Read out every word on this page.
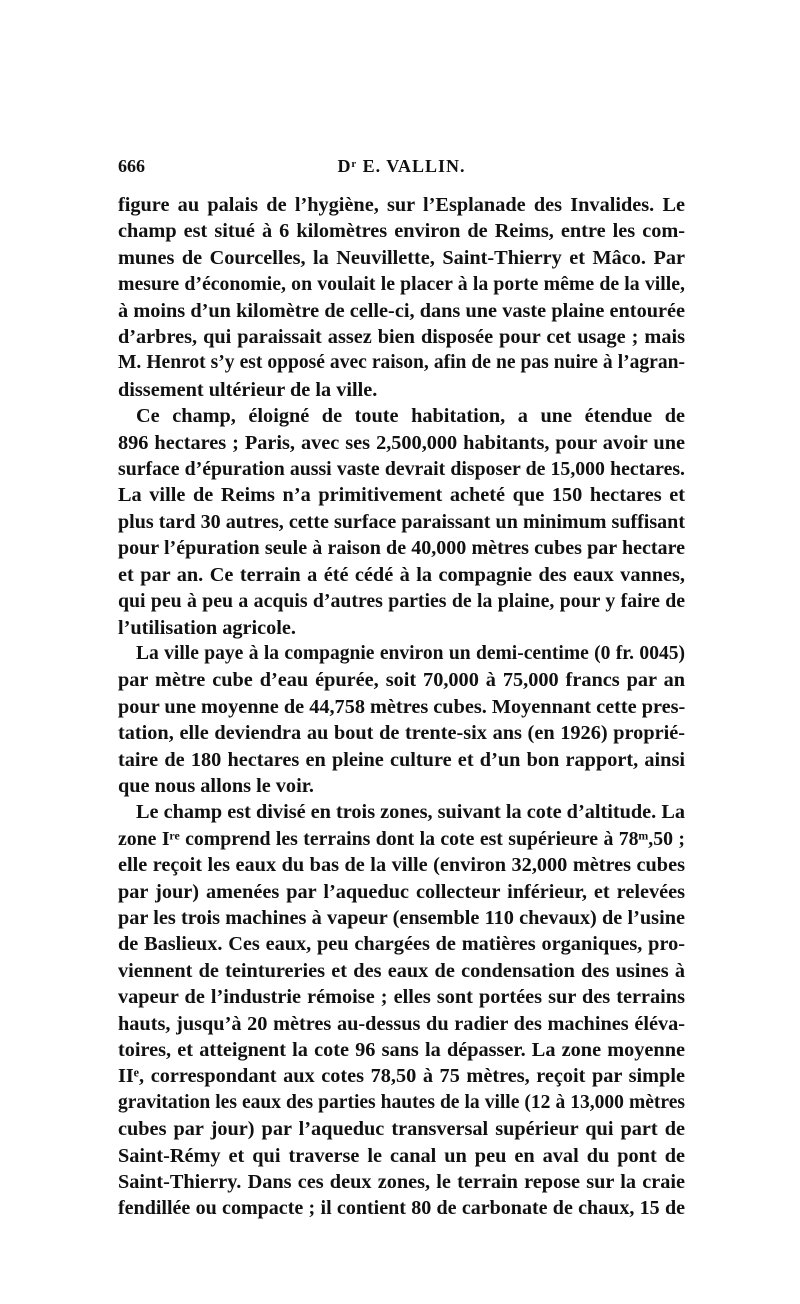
666	Dʳ E. VALLIN.
figure au palais de l’hygiène, sur l’Esplanade des Invalides. Le
champ est situé à 6 kilomètres environ de Reims, entre les com-
munes de Courcelles, la Neuvillette, Saint-Thierry et Mâco. Par
mesure d’économie, on voulait le placer à la porte même de la ville,
à moins d’un kilomètre de celle-ci, dans une vaste plaine entourée
d’arbres, qui paraissait assez bien disposée pour cet usage ; mais
M. Henrot s’y est opposé avec raison, afin de ne pas nuire à l’agran-
dissement ultérieur de la ville.
Ce champ, éloigné de toute habitation, a une étendue de
896 hectares ; Paris, avec ses 2,500,000 habitants, pour avoir une
surface d’épuration aussi vaste devrait disposer de 15,000 hectares.
La ville de Reims n’a primitivement acheté que 150 hectares et
plus tard 30 autres, cette surface paraissant un minimum suffisant
pour l’épuration seule à raison de 40,000 mètres cubes par hectare
et par an. Ce terrain a été cédé à la compagnie des eaux vannes,
qui peu à peu a acquis d’autres parties de la plaine, pour y faire de
l’utilisation agricole.
La ville paye à la compagnie environ un demi-centime (0 fr. 0045)
par mètre cube d’eau épurée, soit 70,000 à 75,000 francs par an
pour une moyenne de 44,758 mètres cubes. Moyennant cette pres-
tation, elle deviendra au bout de trente-six ans (en 1926) proprié-
taire de 180 hectares en pleine culture et d’un bon rapport, ainsi
que nous allons le voir.
Le champ est divisé en trois zones, suivant la cote d’altitude. La
zone Iʳᵉ comprend les terrains dont la cote est supérieure à 78ᵐ,50 ;
elle reçoit les eaux du bas de la ville (environ 32,000 mètres cubes
par jour) amenées par l’aqueduc collecteur inférieur, et relevées
par les trois machines à vapeur (ensemble 110 chevaux) de l’usine
de Baslieux. Ces eaux, peu chargées de matières organiques, pro-
viennent de teintureries et des eaux de condensation des usines à
vapeur de l’industrie rémoise ; elles sont portées sur des terrains
hauts, jusqu’à 20 mètres au-dessus du radier des machines éléva-
toires, et atteignent la cote 96 sans la dépasser. La zone moyenne
IIᵉ, correspondant aux cotes 78,50 à 75 mètres, reçoit par simple
gravitation les eaux des parties hautes de la ville (12 à 13,000 mètres
cubes par jour) par l’aqueduc transversal supérieur qui part de
Saint-Rémy et qui traverse le canal un peu en aval du pont de
Saint-Thierry. Dans ces deux zones, le terrain repose sur la craie
fendillée ou compacte ; il contient 80 de carbonate de chaux, 15 de
